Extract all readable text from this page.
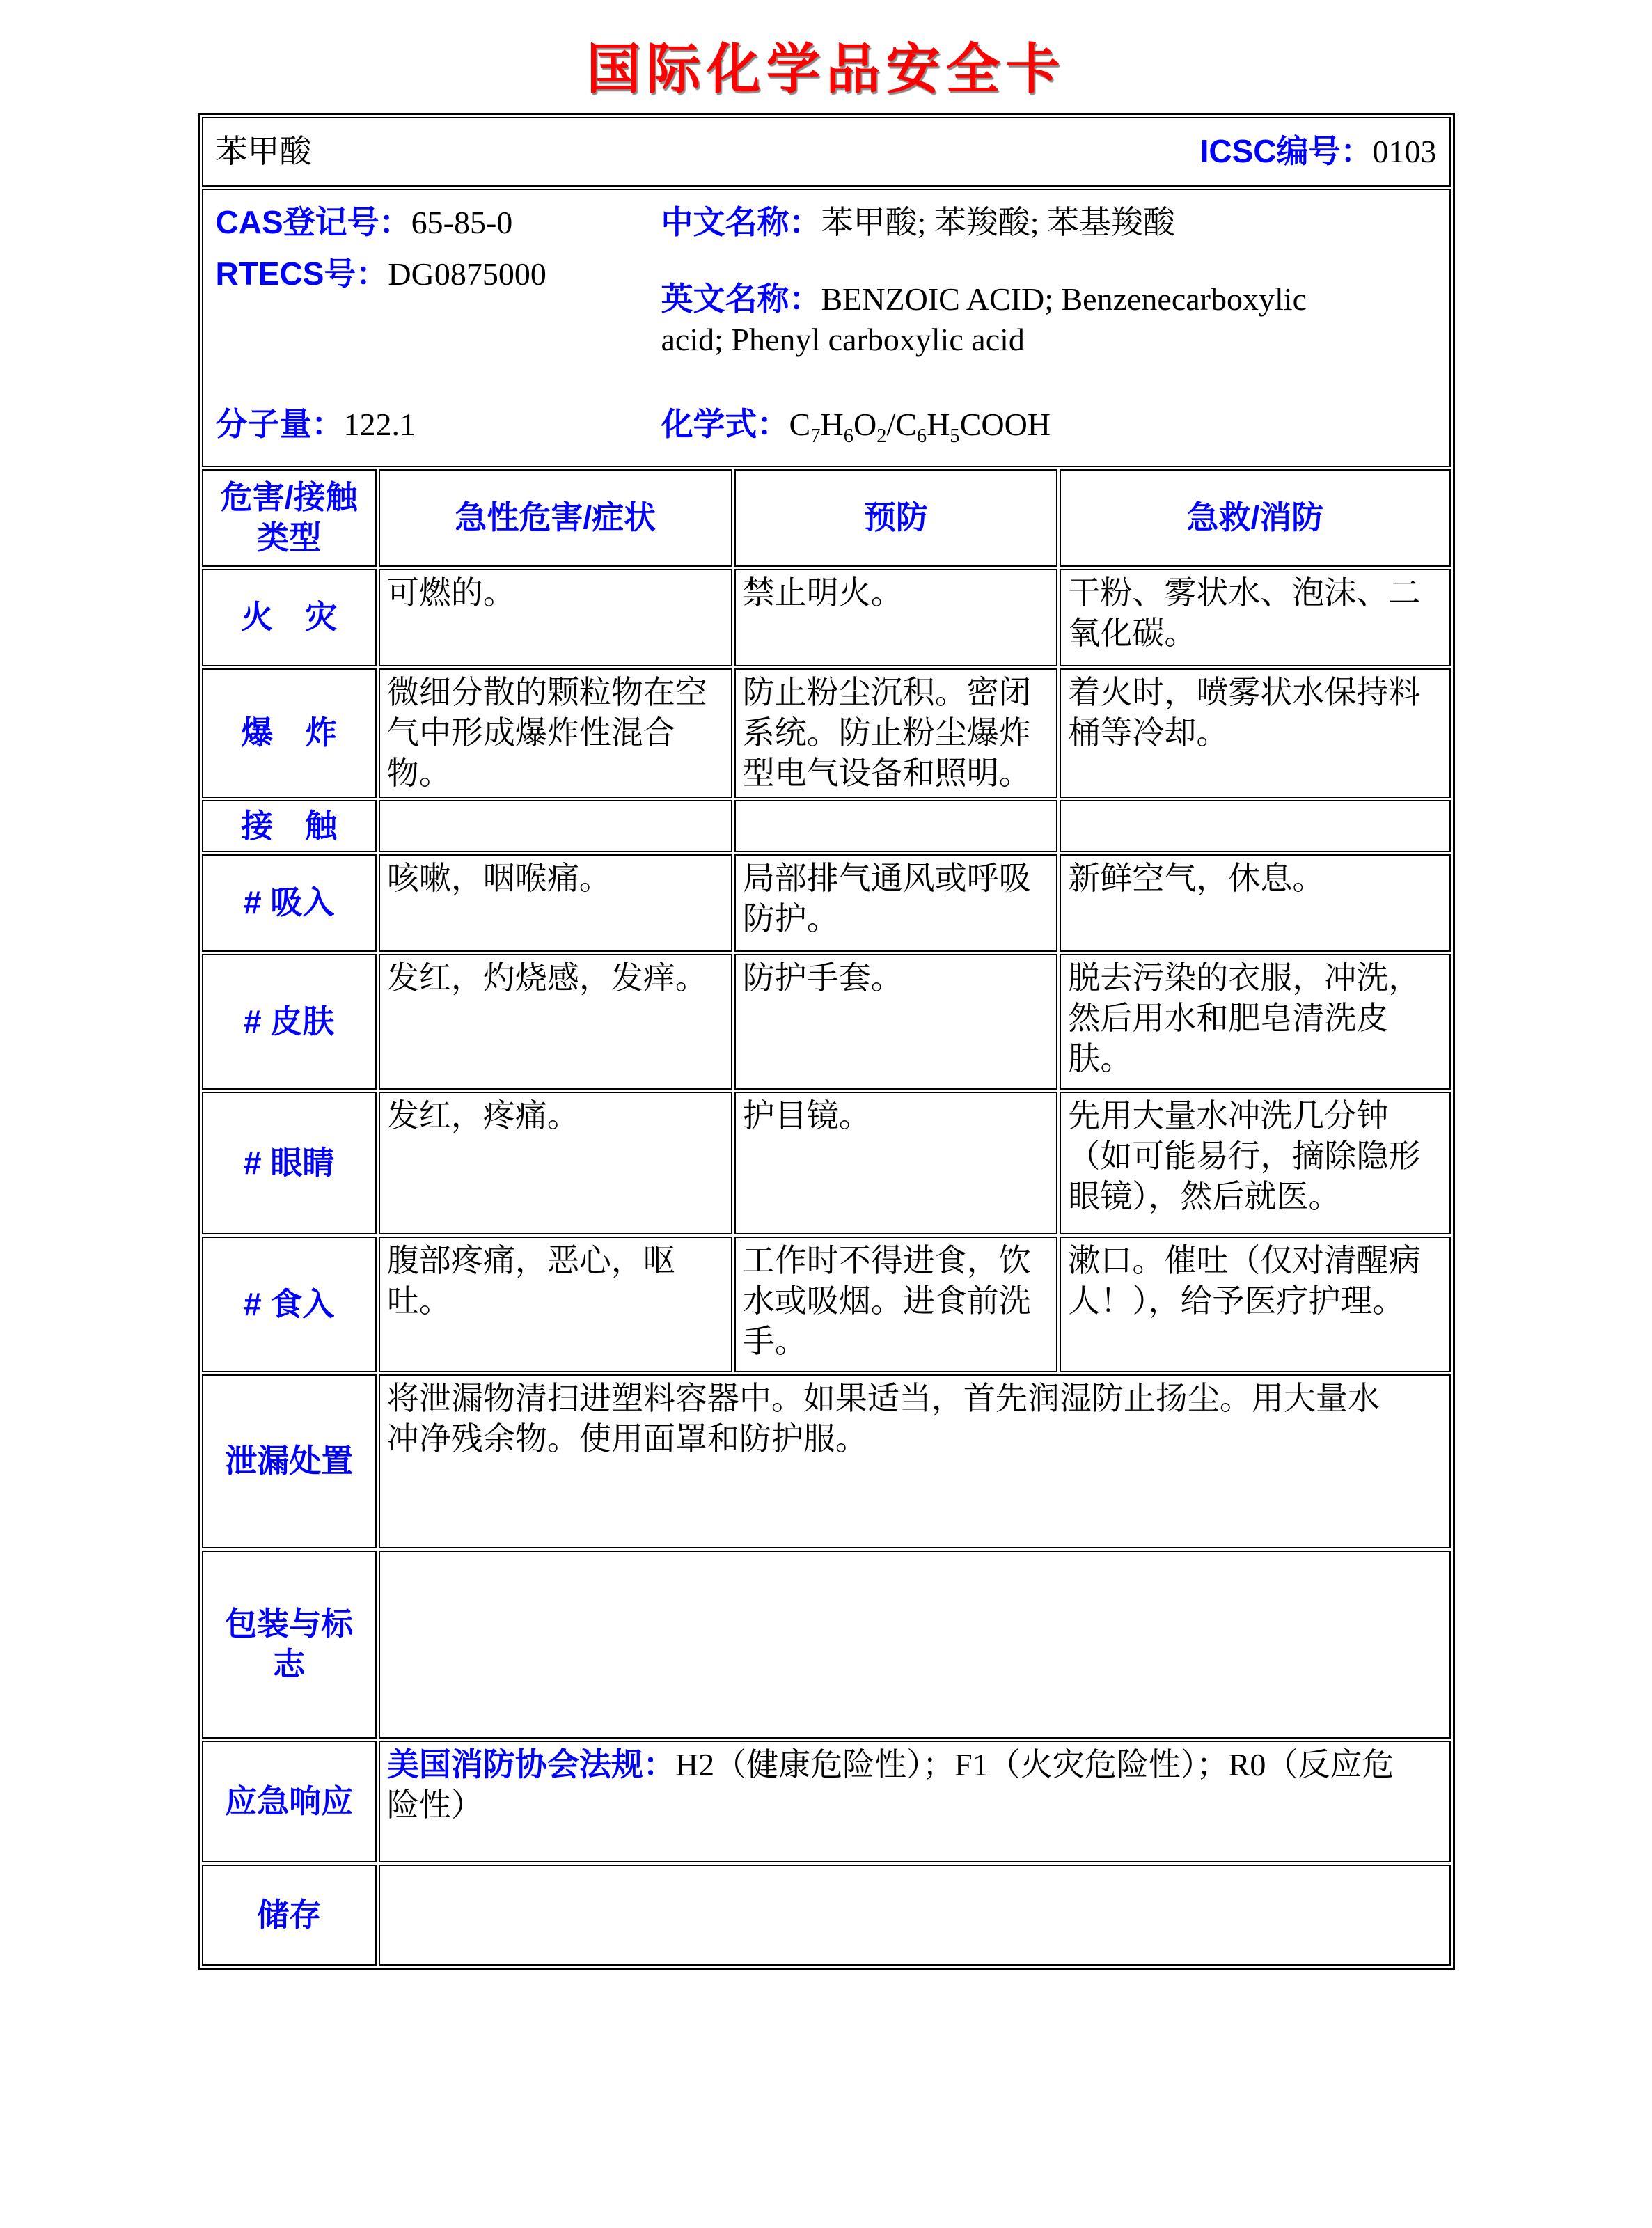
国际化学品安全卡
苯甲酸 ICSC编号：0103			

CAS登记号：65-85-0
RTECS号：DG0875000
中文名称：苯甲酸; 苯羧酸; 苯基羧酸
英文名称：BENZOIC ACID; Benzenecarboxylic acid; Phenyl carboxylic acid
分子量：122.1	化学式：$C_7H_6O_2/C_6H_5COOH$

危害/接触类型	急性危害/症状	预防	急救/消防
火　灾	可燃的。	禁止明火。	干粉、雾状水、泡沫、二氧化碳。
爆　炸	微细分散的颗粒物在空气中形成爆炸性混合物。	防止粉尘沉积。密闭系统。防止粉尘爆炸型电气设备和照明。	着火时，喷雾状水保持料桶等冷却。
接　触			
# 吸入	咳嗽，咽喉痛。	局部排气通风或呼吸防护。	新鲜空气，休息。
# 皮肤	发红，灼烧感，发痒。	防护手套。	脱去污染的衣服，冲洗，然后用水和肥皂清洗皮肤。
# 眼睛	发红，疼痛。	护目镜。	先用大量水冲洗几分钟（如可能易行，摘除隐形眼镜），然后就医。
# 食入	腹部疼痛，恶心，呕吐。	工作时不得进食，饮水或吸烟。进食前洗手。	漱口。催吐（仅对清醒病人！），给予医疗护理。
泄漏处置	将泄漏物清扫进塑料容器中。如果适当，首先润湿防止扬尘。用大量水冲净残余物。使用面罩和防护服。		

包装与标志			

应急响应	美国消防协会法规：H2（健康危险性）；F1（火灾危险性）；R0（反应危险性）		

储存			
